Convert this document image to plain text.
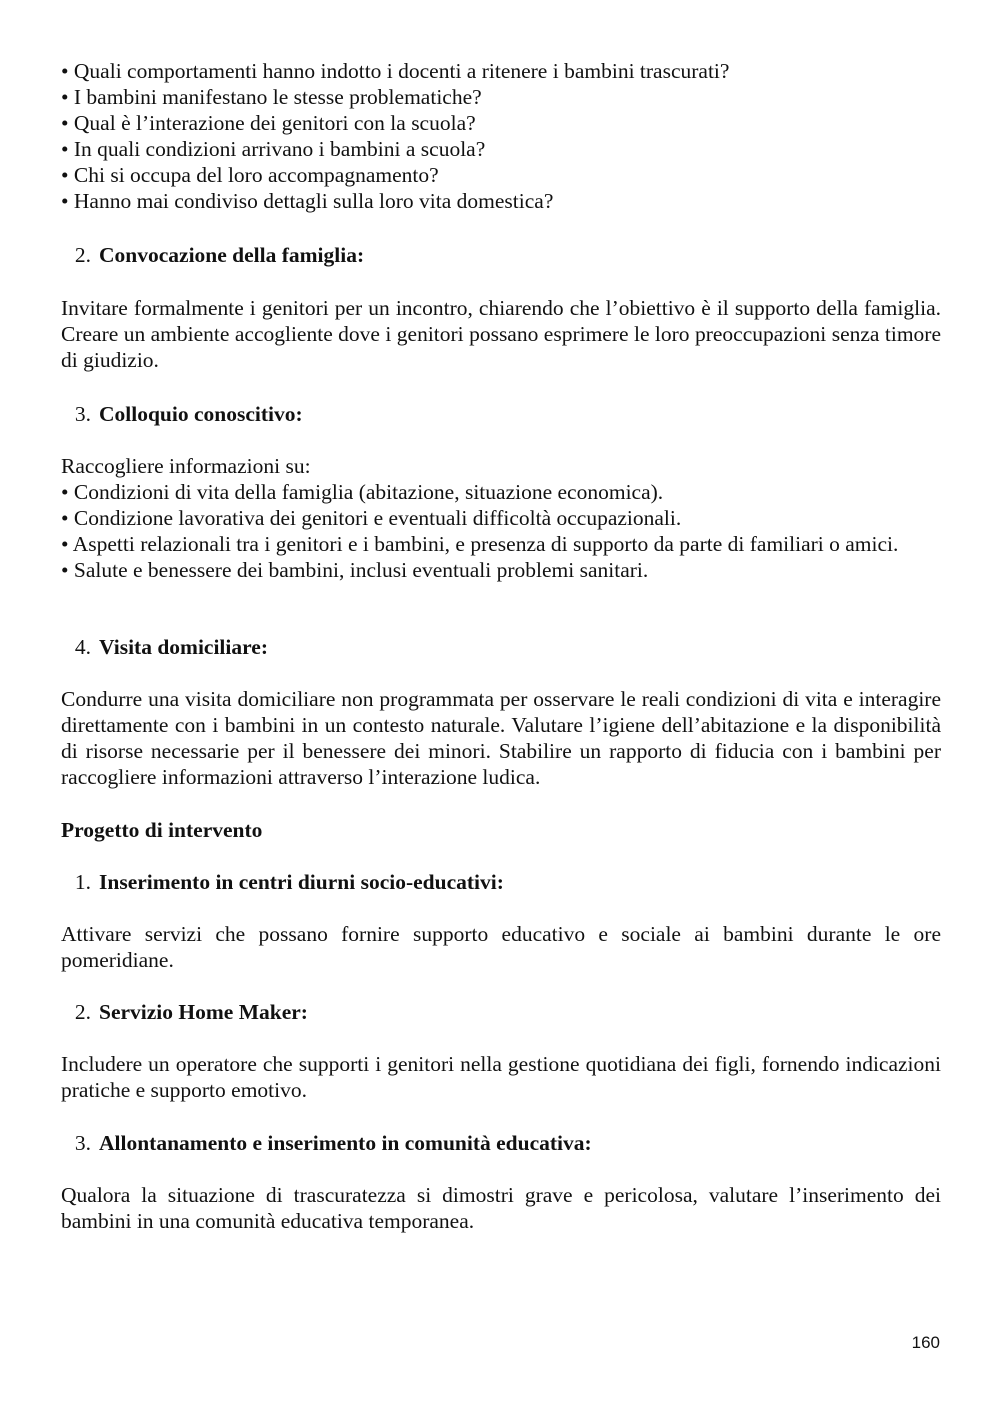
• Quali comportamenti hanno indotto i docenti a ritenere i bambini trascurati?
• I bambini manifestano le stesse problematiche?
• Qual è l’interazione dei genitori con la scuola?
• In quali condizioni arrivano i bambini a scuola?
• Chi si occupa del loro accompagnamento?
• Hanno mai condiviso dettagli sulla loro vita domestica?
2. Convocazione della famiglia:
Invitare formalmente i genitori per un incontro, chiarendo che l’obiettivo è il supporto della famiglia. Creare un ambiente accogliente dove i genitori possano esprimere le loro preoccupazioni senza timore di giudizio.
3. Colloquio conoscitivo:
Raccogliere informazioni su:
• Condizioni di vita della famiglia (abitazione, situazione economica).
• Condizione lavorativa dei genitori e eventuali difficoltà occupazionali.
• Aspetti relazionali tra i genitori e i bambini, e presenza di supporto da parte di familiari o amici.
• Salute e benessere dei bambini, inclusi eventuali problemi sanitari.
4. Visita domiciliare:
Condurre una visita domiciliare non programmata per osservare le reali condizioni di vita e interagire direttamente con i bambini in un contesto naturale. Valutare l’igiene dell’abitazione e la disponibilità di risorse necessarie per il benessere dei minori. Stabilire un rapporto di fiducia con i bambini per raccogliere informazioni attraverso l’interazione ludica.
Progetto di intervento
1. Inserimento in centri diurni socio-educativi:
Attivare servizi che possano fornire supporto educativo e sociale ai bambini durante le ore pomeridiane.
2. Servizio Home Maker:
Includere un operatore che supporti i genitori nella gestione quotidiana dei figli, fornendo indicazioni pratiche e supporto emotivo.
3. Allontanamento e inserimento in comunità educativa:
Qualora la situazione di trascuratezza si dimostri grave e pericolosa, valutare l’inserimento dei bambini in una comunità educativa temporanea.
160
